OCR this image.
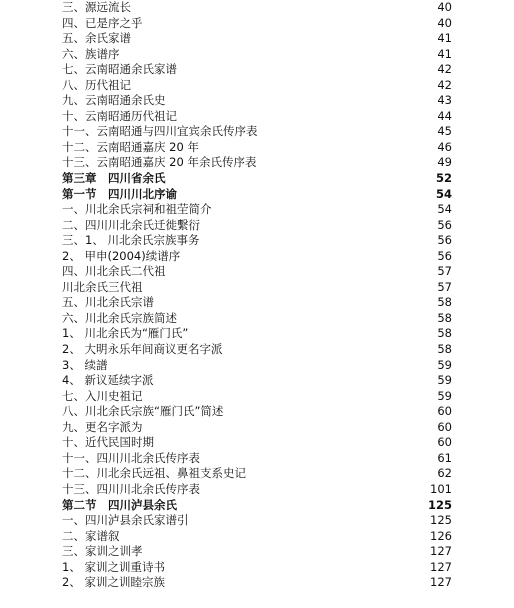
三、源远流长	40
四、已是序之乎	40
五、余氏家谱	41
六、族谱序	41
七、云南昭通余氏家谱	42
八、历代祖记	42
九、云南昭通余氏史	43
十、云南昭通历代祖记	44
十一、云南昭通与四川宜宾余氏传序表	45
十二、云南昭通嘉庆 20 年	46
十三、云南昭通嘉庆 20 年余氏传序表	49
第三章　四川省余氏	52
第一节　四川川北序谕	54
一、川北余氏宗祠和祖茔简介	54
二、四川川北余氏迁徙繫衍	56
三、1、 川北余氏宗族事务	56
2、 甲申(2004)续谱序	56
四、川北余氏二代祖	57
川北余氏三代祖	57
五、川北余氏宗谱	58
六、川北余氏宗族简述	58
1、 川北余氏为“雁门氏”	58
2、 大明永乐年间商议更名字派	58
3、 续譜	59
4、 新议延续字派	59
七、入川史祖记	59
八、川北余氏宗族“雁门氏”简述	60
九、更名字派为	60
十、近代民国时期	60
十一、四川川北余氏传序表	61
十二、川北余氏远祖、鼻祖支系史记	62
十三、四川川北余氏传序表	101
第二节　四川泸县余氏	125
一、四川泸县余氏家谱引	125
二、家谱叙	126
三、家训之训孝	127
1、 家训之训重诗书	127
2、 家训之训睦宗族	127
